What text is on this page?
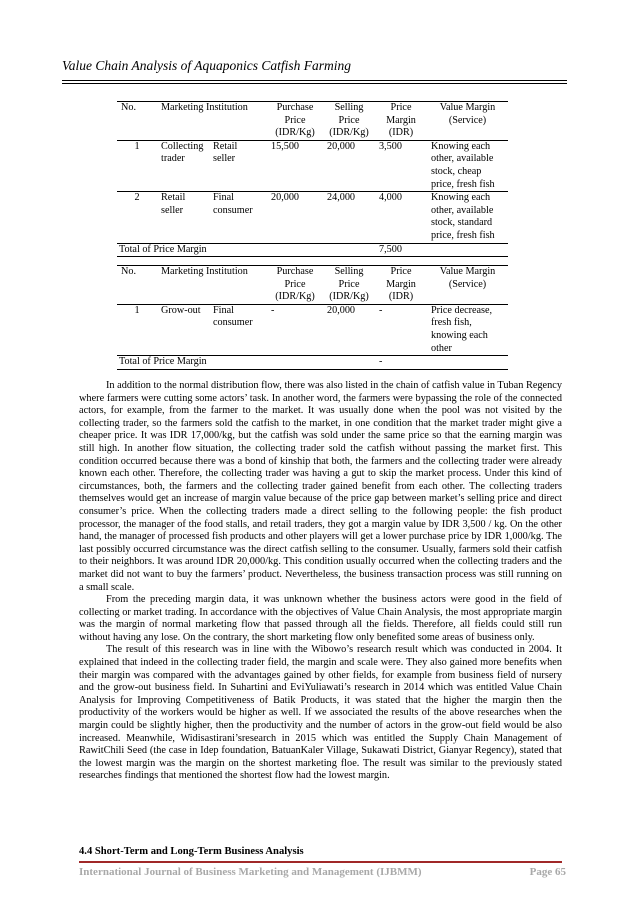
Value Chain Analysis of Aquaponics Catfish Farming
No.	Marketing Institution		Purchase
Price
(IDR/Kg)	Selling
Price
(IDR/Kg)	Price
Margin
(IDR)	Value Margin
(Service)
1	Collecting
trader	Retail
seller	15,500	20,000	3,500	Knowing each
other, available
stock, cheap
price, fresh fish
2	Retail
seller	Final
consumer	20,000	24,000	4,000	Knowing each
other, available
stock, standard
price, fresh fish
Total of Price Margin					7,500	
No.	Marketing Institution		Purchase
Price
(IDR/Kg)	Selling
Price
(IDR/Kg)	Price
Margin
(IDR)	Value Margin
(Service)
1	Grow-out	Final
consumer	-	20,000	-	Price decrease,
fresh fish,
knowing each
other
Total of Price Margin					-	

In addition to the normal distribution flow, there was also listed in the chain of catfish value in Tuban Regency where farmers were cutting some actors’ task. In another word, the farmers were bypassing the role of the connected actors, for example, from the farmer to the market. It was usually done when the pool was not visited by the collecting trader, so the farmers sold the catfish to the market, in one condition that the market trader might give a cheaper price. It was IDR 17,000/kg, but the catfish was sold under the same price so that the earning margin was still high. In another flow situation, the collecting trader sold the catfish without passing the market first. This condition occurred because there was a bond of kinship that both, the farmers and the collecting trader were already known each other. Therefore, the collecting trader was having a gut to skip the market process. Under this kind of circumstances, both, the farmers and the collecting trader gained benefit from each other. The collecting traders themselves would get an increase of margin value because of the price gap between market’s selling price and direct consumer’s price. When the collecting traders made a direct selling to the following people: the fish product processor, the manager of the food stalls, and retail traders, they got a margin value by IDR 3,500 / kg. On the other hand, the manager of processed fish products and other players will get a lower purchase price by IDR 1,000/kg. The last possibly occurred circumstance was the direct catfish selling to the consumer. Usually, farmers sold their catfish to their neighbors. It was around IDR 20,000/kg. This condition usually occurred when the collecting traders and the market did not want to buy the farmers’ product. Nevertheless, the business transaction process was still running on a small scale.

From the preceding margin data, it was unknown whether the business actors were good in the field of collecting or market trading. In accordance with the objectives of Value Chain Analysis, the most appropriate margin was the margin of normal marketing flow that passed through all the fields. Therefore, all fields could still run without having any lose. On the contrary, the short marketing flow only benefited some areas of business only.

The result of this research was in line with the Wibowo’s research result which was conducted in 2004. It explained that indeed in the collecting trader field, the margin and scale were. They also gained more benefits when their margin was compared with the advantages gained by other fields, for example from business field of nursery and the grow-out business field. In Suhartini and EviYuliawati’s research in 2014 which was entitled Value Chain Analysis for Improving Competitiveness of Batik Products, it was stated that the higher the margin then the productivity of the workers would be higher as well. If we associated the results of the above researches when the margin could be slightly higher, then the productivity and the number of actors in the grow-out field would be also increased. Meanwhile, Widisastirani’sresearch in 2015 which was entitled the Supply Chain Management of RawitChili Seed (the case in Idep foundation, BatuanKaler Village, Sukawati District, Gianyar Regency), stated that the lowest margin was the margin on the shortest marketing floe. The result was similar to the previously stated researches findings that mentioned the shortest flow had the lowest margin.

4.4 Short-Term and Long-Term Business Analysis
International Journal of Business Marketing and Management (IJBMM)	Page 65
